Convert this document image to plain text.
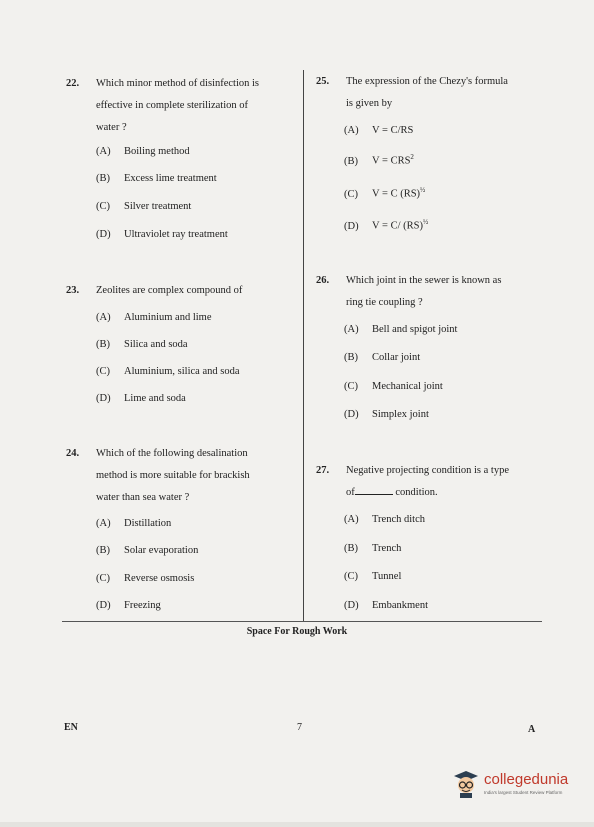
22. Which minor method of disinfection is
effective in complete sterilization of
water ?
(A) Boiling method
(B) Excess lime treatment
(C) Silver treatment
(D) Ultraviolet ray treatment
23. Zeolites are complex compound of
(A) Aluminium and lime
(B) Silica and soda
(C) Aluminium, silica and soda
(D) Lime and soda
24. Which of the following desalination
method is more suitable for brackish
water than sea water ?
(A) Distillation
(B) Solar evaporation
(C) Reverse osmosis
(D) Freezing
25. The expression of the Chezy's formula
is given by
(A) V = C/RS
(B) $V = CRS^2$
(C) V = C (RS)$^{\frac{1}{2}}$
(D) V = C/ (RS)$^{\frac{1}{2}}$
26. Which joint in the sewer is known as
ring tie coupling ?
(A) Bell and spigot joint
(B) Collar joint
(C) Mechanical joint
(D) Simplex joint
27. Negative projecting condition is a type
of	condition.
(A) Trench ditch
(B) Trench
(C) Tunnel
(D) Embankment
Space For Rough Work
EN	7	A
collegedunia
India's largest Student Review Platform
